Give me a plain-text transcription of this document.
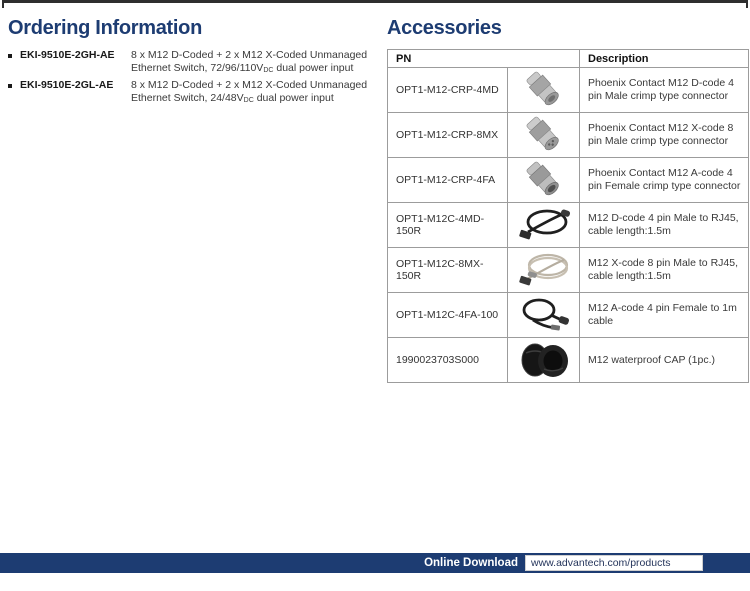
Ordering Information
EKI-9510E-2GH-AE	8 x M12 D-Coded + 2 x M12 X-Coded Unmanaged Ethernet Switch, $72/96/110V_{DC}$ dual power input
EKI-9510E-2GL-AE	8 x M12 D-Coded + 2 x M12 X-Coded Unmanaged Ethernet Switch, $24/48V_{DC}$ dual power input
Accessories
PN		Description
OPT1-M12-CRP-4MD		Phoenix Contact M12 D-code 4 pin Male crimp type connector
OPT1-M12-CRP-8MX		Phoenix Contact M12 X-code 8 pin Male crimp type connector
OPT1-M12-CRP-4FA		Phoenix Contact M12 A-code 4 pin Female crimp type connector
OPT1-M12C-4MD-150R		M12 D-code 4 pin Male to RJ45, cable length:1.5m
OPT1-M12C-8MX-150R		M12 X-code 8 pin Male to RJ45, cable length:1.5m
OPT1-M12C-4FA-100		M12 A-code 4 pin Female to 1m cable
1990023703S000		M12 waterproof CAP (1pc.)
Online Download www.advantech.com/products
